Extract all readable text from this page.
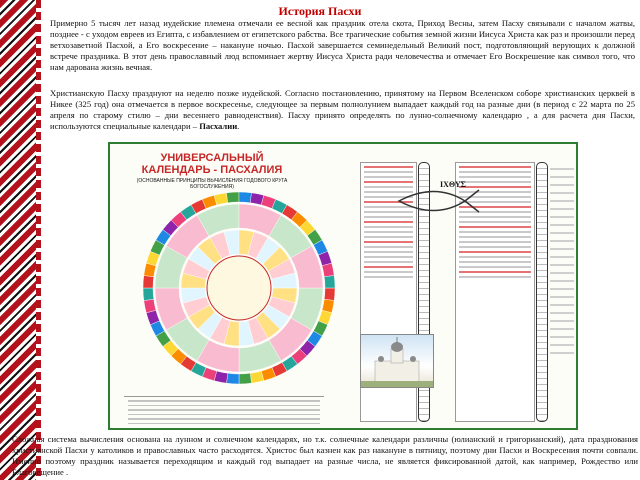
История Пасхи

Примерно 5 тысяч лет назад иудейские племена отмечали ее весной как праздник отела скота, Приход Весны, затем Пасху связывали с началом жатвы, позднее - с уходом евреев из Египта, с избавлением от египетского рабства. Все трагические события земной жизни Иисуса Христа как раз и произошли перед ветхозаветной Пасхой, а Его воскресение – накануне ночью. Пасхой завершается семинедельный Великий пост, подготовляющий верующих к должной встрече праздника. В этот день православный люд вспоминает жертву Иисуса Христа ради человечества и отмечает Его Воскрешение как символ того, что нам дарована жизнь вечная.

Христианскую Пасху празднуют на неделю позже иудейской. Согласно постановлению, принятому на Первом Вселенском соборе христианских церквей в Никее (325 год) она отмечается в первое воскресенье, следующее за первым полнолунием выпадает каждый год на разные дни (в период с 22 марта по 25 апреля по старому стилю – дни весеннего равноденствия). Пасху принято определять по лунно-солнечному календарю , а для расчета дня Пасхи, используются специальные календари – Пасхалии.

УНИВЕРСАЛЬНЫЙ
КАЛЕНДАРЬ - ПАСХАЛИЯ
(ОСНОВАННЫЕ ПРИНЦИПЫ ВЫЧИСЛЕНИЯ ГОДОВОГО КРУГА БОГОСЛУЖЕНИЯ)	ΙΧΘΥΣ

Сложная система вычисления основана на лунном и солнечном календарях, но т.к. солнечные календари различны (юлианский и григорианский), дата празднования христианской Пасхи у католиков и православных часто расходятся. Христос был казнен как раз накануне в пятницу, поэтому дни Пасхи и Воскресения почти совпали. Именно поэтому праздник называется переходящим и каждый год выпадает на разные числа, не является фиксированной датой, как например, Рождество или Благовещение .
